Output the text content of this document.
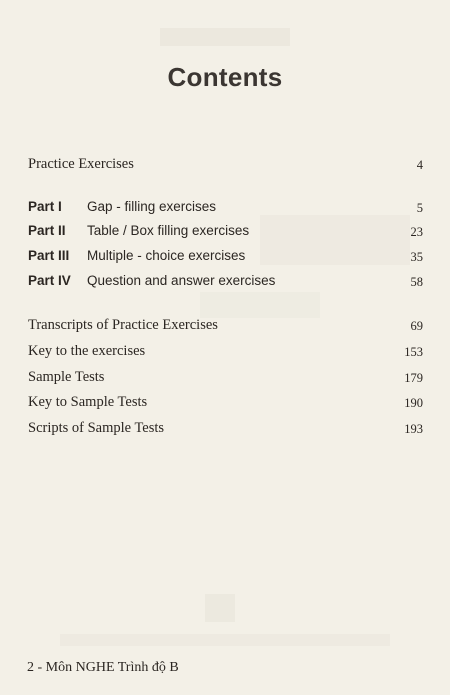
Contents
Practice Exercises	4
Part I Gap - filling exercises	5
Part II Table / Box filling exercises	23
Part III Multiple - choice exercises	35
Part IV Question and answer exercises	58
Transcripts of Practice Exercises	69
Key to the exercises	153
Sample Tests	179
Key to Sample Tests	190
Scripts of Sample Tests	193
2 - Môn NGHE Trình độ B
